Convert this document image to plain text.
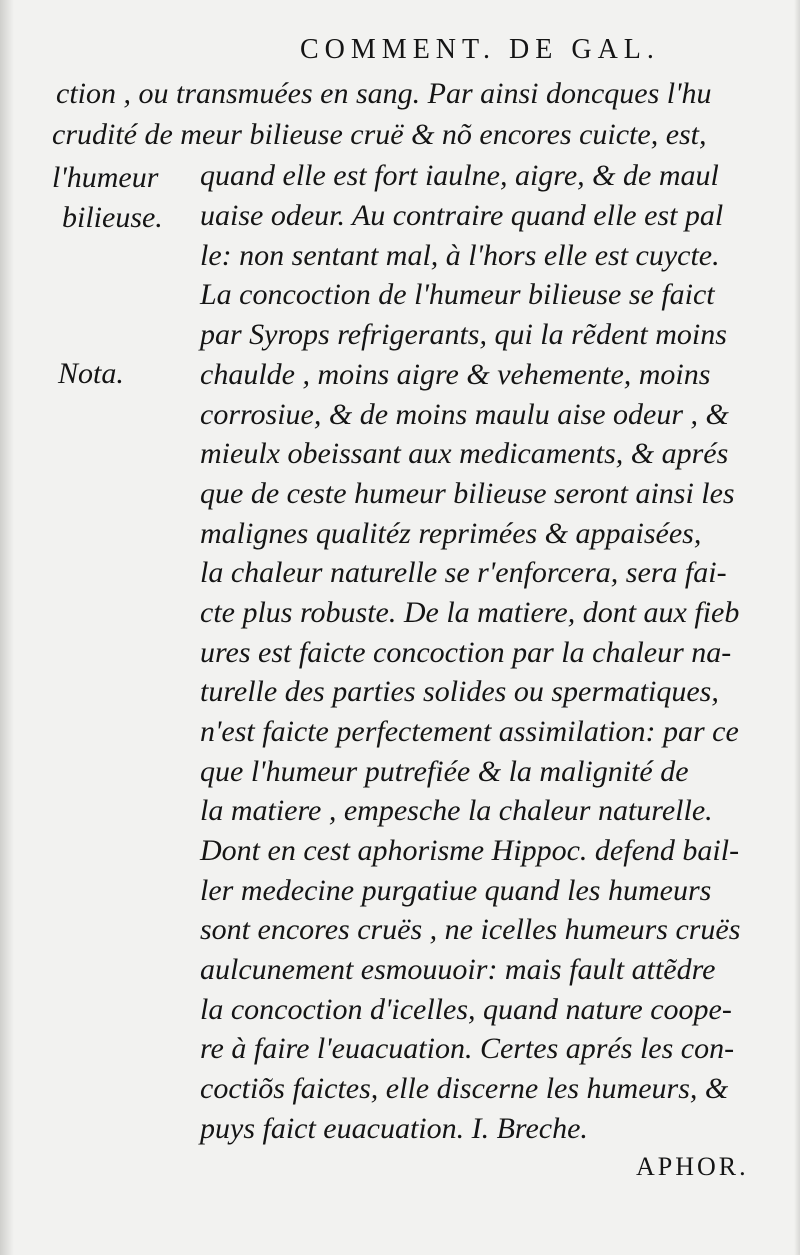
COMMENT. DE GAL.
l'humeur
bilieuse.
Nota.
ction , ou transmuées en sang. Par ainsi doncques l'hu
crudité de meur bilieuse cruë & nõ encores cuicte, est,
quand elle est fort iaulne, aigre, & de maul
uaise odeur. Au contraire quand elle est pal
le: non sentant mal, à l'hors elle est cuycte.
La concoction de l'humeur bilieuse se faict
par Syrops refrigerants, qui la rẽdent moins
chaulde , moins aigre & vehemente, moins
corrosiue, & de moins maulu aise odeur , &
mieulx obeissant aux medicaments, & aprés
que de ceste humeur bilieuse seront ainsi les
malignes qualitéz reprimées & appaisées,
la chaleur naturelle se r'enforcera, sera fai-
cte plus robuste. De la matiere, dont aux fieb
ures est faicte concoction par la chaleur na-
turelle des parties solides ou spermatiques,
n'est faicte perfectement assimilation: par ce
que l'humeur putrefiée & la malignité de
la matiere , empesche la chaleur naturelle.
Dont en cest aphorisme Hippoc. defend bail-
ler medecine purgatiue quand les humeurs
sont encores cruës , ne icelles humeurs cruës
aulcunement esmouuoir: mais fault attẽdre
la concoction d'icelles, quand nature coope-
re à faire l'euacuation. Certes aprés les con-
coctiõs faictes, elle discerne les humeurs, &
puys faict euacuation. I. Breche.
APHOR.
